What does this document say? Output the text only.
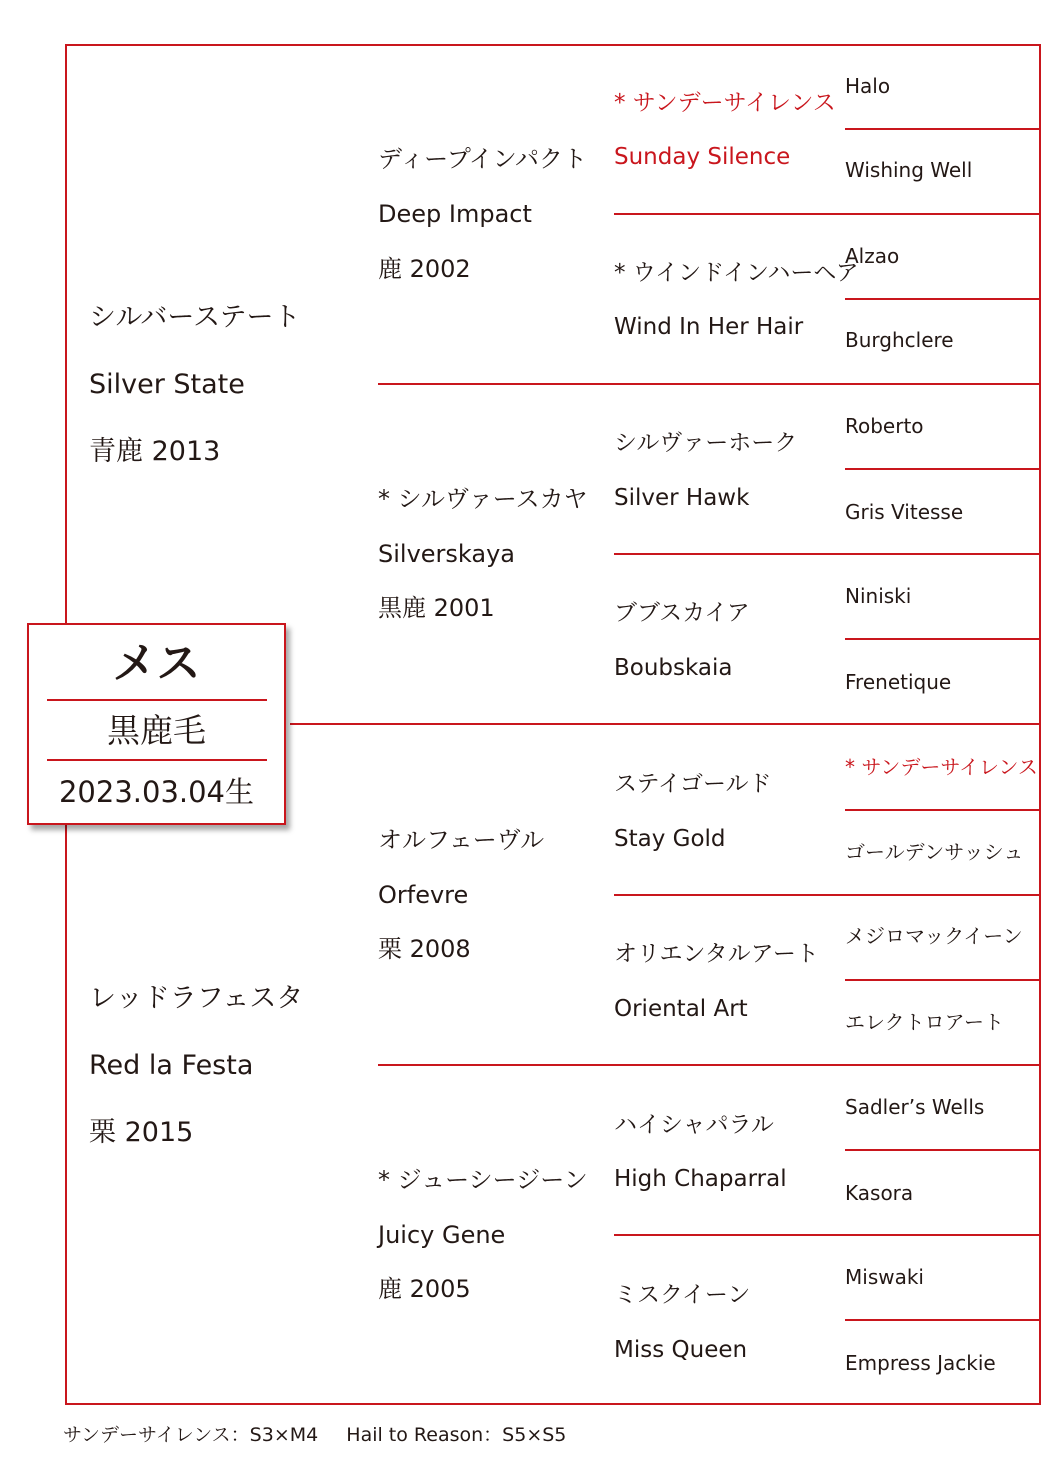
シルバーステート
Silver State
青鹿 2013
レッドラフェスタ
Red la Festa
栗 2015
ディープインパクト
Deep Impact
鹿 2002
* シルヴァースカヤ
Silverskaya
黒鹿 2001
オルフェーヴル
Orfevre
栗 2008
* ジューシージーン
Juicy Gene
鹿 2005
* サンデーサイレンス
Sunday Silence
* ウインドインハーヘア
Wind In Her Hair
シルヴァーホーク
Silver Hawk
ブブスカイア
Boubskaia
ステイゴールド
Stay Gold
オリエンタルアート
Oriental Art
ハイシャパラル
High Chaparral
ミスクイーン
Miss Queen
Halo
Wishing Well
Alzao
Burghclere
Roberto
Gris Vitesse
Niniski
Frenetique
* サンデーサイレンス
ゴールデンサッシュ
メジロマックイーン
エレクトロアート
Sadler’s Wells
Kasora
Miswaki
Empress Jackie
メス
黒鹿毛
2023.03.04生
サンデーサイレンス：S3×M4 Hail to Reason：S5×S5
